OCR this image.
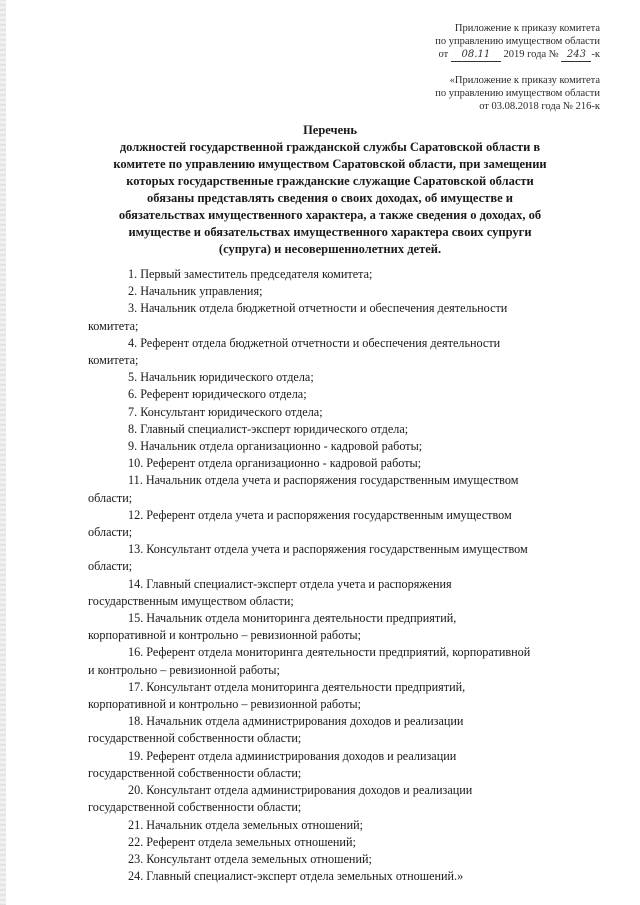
Приложение к приказу комитета
по управлению имуществом области
от 08.11 2019 года № 243 -к
«Приложение к приказу комитета
по управлению имуществом области
от 03.08.2018 года № 216-к
Перечень
должностей государственной гражданской службы Саратовской области в
комитете по управлению имуществом Саратовской области, при замещении
которых государственные гражданские служащие Саратовской области
обязаны представлять сведения о своих доходах, об имуществе и
обязательствах имущественного характера, а также сведения о доходах, об
имуществе и обязательствах имущественного характера своих супруги
(супруга) и несовершеннолетних детей.
1. Первый заместитель председателя комитета;
2. Начальник управления;
3. Начальник отдела бюджетной отчетности и обеспечения деятельности
комитета;
4. Референт отдела бюджетной отчетности и обеспечения деятельности
комитета;
5. Начальник юридического отдела;
6. Референт юридического отдела;
7. Консультант юридического отдела;
8. Главный специалист-эксперт юридического отдела;
9. Начальник отдела организационно - кадровой работы;
10. Референт отдела организационно - кадровой работы;
11. Начальник отдела учета и распоряжения государственным имуществом
области;
12. Референт отдела учета и распоряжения государственным имуществом
области;
13. Консультант отдела учета и распоряжения государственным имуществом
области;
14. Главный специалист-эксперт отдела учета и распоряжения
государственным имуществом области;
15. Начальник отдела мониторинга деятельности предприятий,
корпоративной и контрольно – ревизионной работы;
16. Референт отдела мониторинга деятельности предприятий, корпоративной
и контрольно – ревизионной работы;
17. Консультант отдела мониторинга деятельности предприятий,
корпоративной и контрольно – ревизионной работы;
18. Начальник отдела администрирования доходов и реализации
государственной собственности области;
19. Референт отдела администрирования доходов и реализации
государственной собственности области;
20. Консультант отдела администрирования доходов и реализации
государственной собственности области;
21. Начальник отдела земельных отношений;
22. Референт отдела земельных отношений;
23. Консультант отдела земельных отношений;
24. Главный специалист-эксперт отдела земельных отношений.»
